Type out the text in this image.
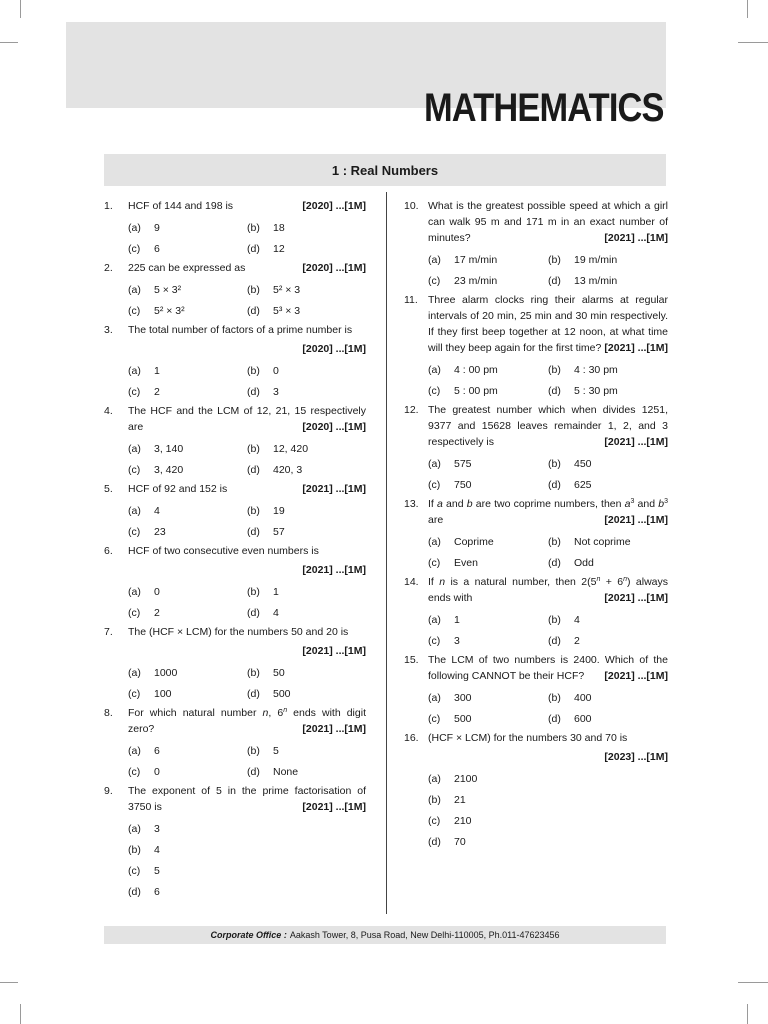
MATHEMATICS
1 : Real Numbers
1.	[2020] ...[1M]
HCF of 144 and 198 is
(a)	9	(b)	18
(c)	6	(d)	12
2.	[2020] ...[1M]
225 can be expressed as
(a)	5 × 3²	(b)	5² × 3
(c)	5² × 3²	(d)	5³ × 3
3. The total number of factors of a prime number is
[2020] ...[1M]
(a)	1	(b)	0
(c)	2	(d)	3
4. The HCF and the LCM of 12, 21, 15 respectively are	[2020] ...[1M]
(a)	3, 140	(b)	12, 420
(c)	3, 420	(d)	420, 3
5.	[2021] ...[1M]
HCF of 92 and 152 is
(a)	4	(b)	19
(c)	23	(d)	57
6. HCF of two consecutive even numbers is
[2021] ...[1M]
(a)	0	(b)	1
(c)	2	(d)	4
7. The (HCF × LCM) for the numbers 50 and 20 is
[2021] ...[1M]
(a)	1000	(b)	50
(c)	100	(d)	500
8. For which natural number n, 6$^n$ ends with digit zero?	[2021] ...[1M]
(a)	6	(b)	5
(c)	0	(d)	None
9. The exponent of 5 in the prime factorisation of 3750 is	[2021] ...[1M]
(a)	3
(b)	4
(c)	5
(d)	6
10. What is the greatest possible speed at which a girl can walk 95 m and 171 m in an exact number of minutes?	[2021] ...[1M]
(a)	17 m/min	(b)	19 m/min
(c)	23 m/min	(d)	13 m/min
11. Three alarm clocks ring their alarms at regular intervals of 20 min, 25 min and 30 min respectively. If they first beep together at 12 noon, at what time will they beep again for the first time? [2021] ...[1M]
(a)	4 : 00 pm	(b)	4 : 30 pm
(c)	5 : 00 pm	(d)	5 : 30 pm
12. The greatest number which when divides 1251, 9377 and 15628 leaves remainder 1, 2, and 3 respectively is	[2021] ...[1M]
(a)	575	(b)	450
(c)	750	(d)	625
13. If a and b are two coprime numbers, then $a^3$ and $b^3$ are	[2021] ...[1M]
(a)	Coprime	(b)	Not coprime
(c)	Even	(d)	Odd
14. If n is a natural number, then $2(5^n + 6^n)$ always ends with	[2021] ...[1M]
(a)	1	(b)	4
(c)	3	(d)	2
15. The LCM of two numbers is 2400. Which of the following CANNOT be their HCF?	[2021] ...[1M]
(a)	300	(b)	400
(c)	500	(d)	600
16. (HCF × LCM) for the numbers 30 and 70 is
[2023] ...[1M]
(a)	2100
(b)	21
(c)	210
(d)	70
Corporate Office : Aakash Tower, 8, Pusa Road, New Delhi-110005, Ph.011-47623456
